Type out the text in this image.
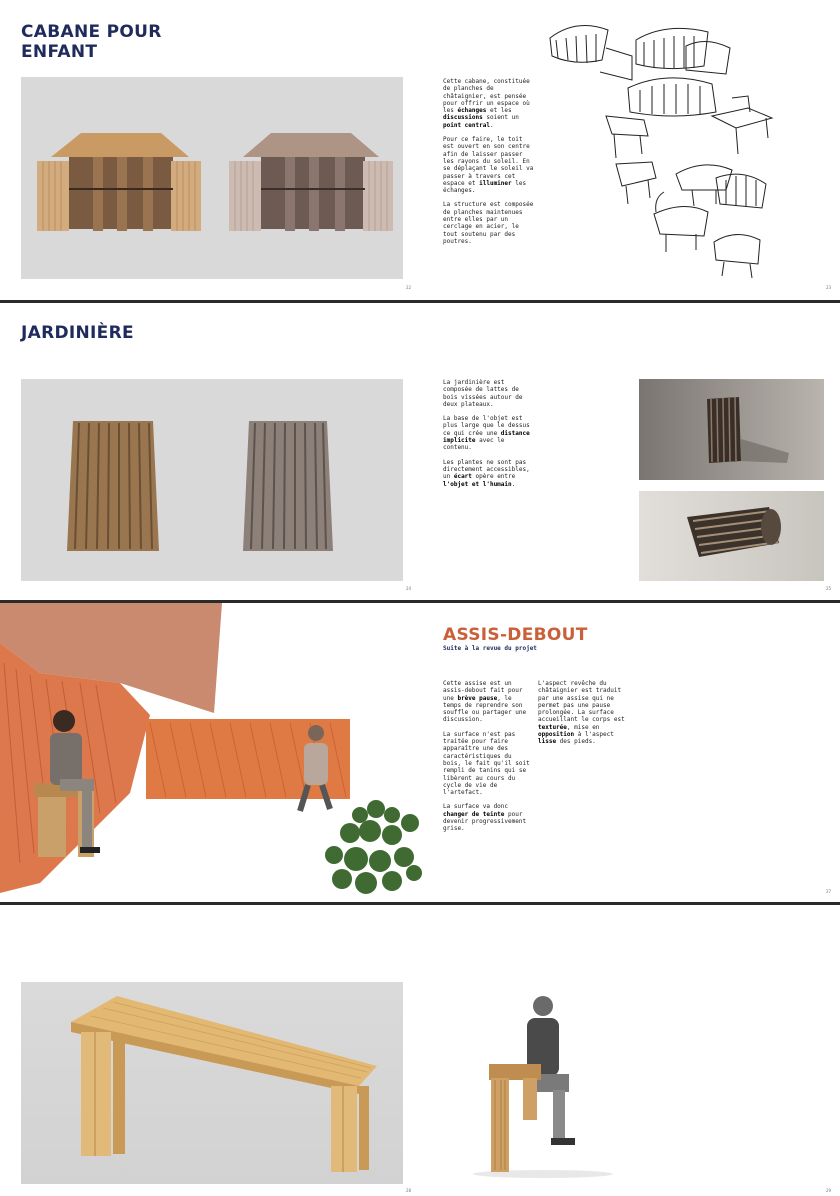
CABANE POUR
ENFANT
22

Cette cabane, constituée de planches de châtaignier, est pensée pour offrir un espace où les échanges et les discussions soient un point central.

Pour ce faire, le toit est ouvert en son centre afin de laisser passer les rayons du soleil. En se déplaçant le soleil va passer à travers cet espace et illuminer les échanges.

La structure est composée de planches maintenues entre elles par un cerclage en acier, le tout soutenu par des poutres.

23
JARDINIÈRE
24

La jardinière est composée de lattes de bois vissées autour de deux plateaux.

La base de l'objet est plus large que le dessus ce qui crée une distance implicite avec le contenu.

Les plantes ne sont pas directement accessibles, un écart opère entre l'objet et l'humain.

25
ASSIS-DEBOUT
Suite à la revue du projet

Cette assise est un assis-debout fait pour une brève pause, le temps de reprendre son souffle ou partager une discussion.

La surface n'est pas traitée pour faire apparaître une des caractéristiques du bois, le fait qu'il soit rempli de tanins qui se libèrent au cours du cycle de vie de l'artefact.

La surface va donc changer de teinte pour devenir progressivement grise.

L'aspect revêche du châtaignier est traduit par une assise qui ne permet pas une pause prolongée. La surface accueillant le corps est texturée, mise en opposition à l'aspect lisse des pieds.

27
28	29
